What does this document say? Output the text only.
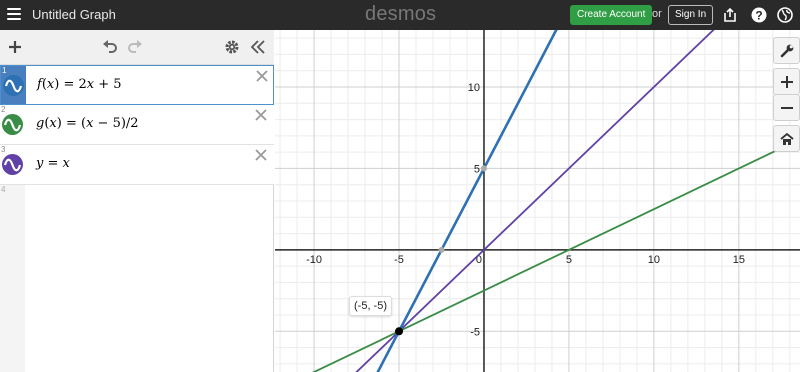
Untitled Graph	desmos	Create Account or	Sign In	?
1
f(x) = 2x + 5
2
g(x) = (x − 5)/2
3
y = x
4
-10	-5	0	5	10	15
10
5
-5
(-5, -5)
